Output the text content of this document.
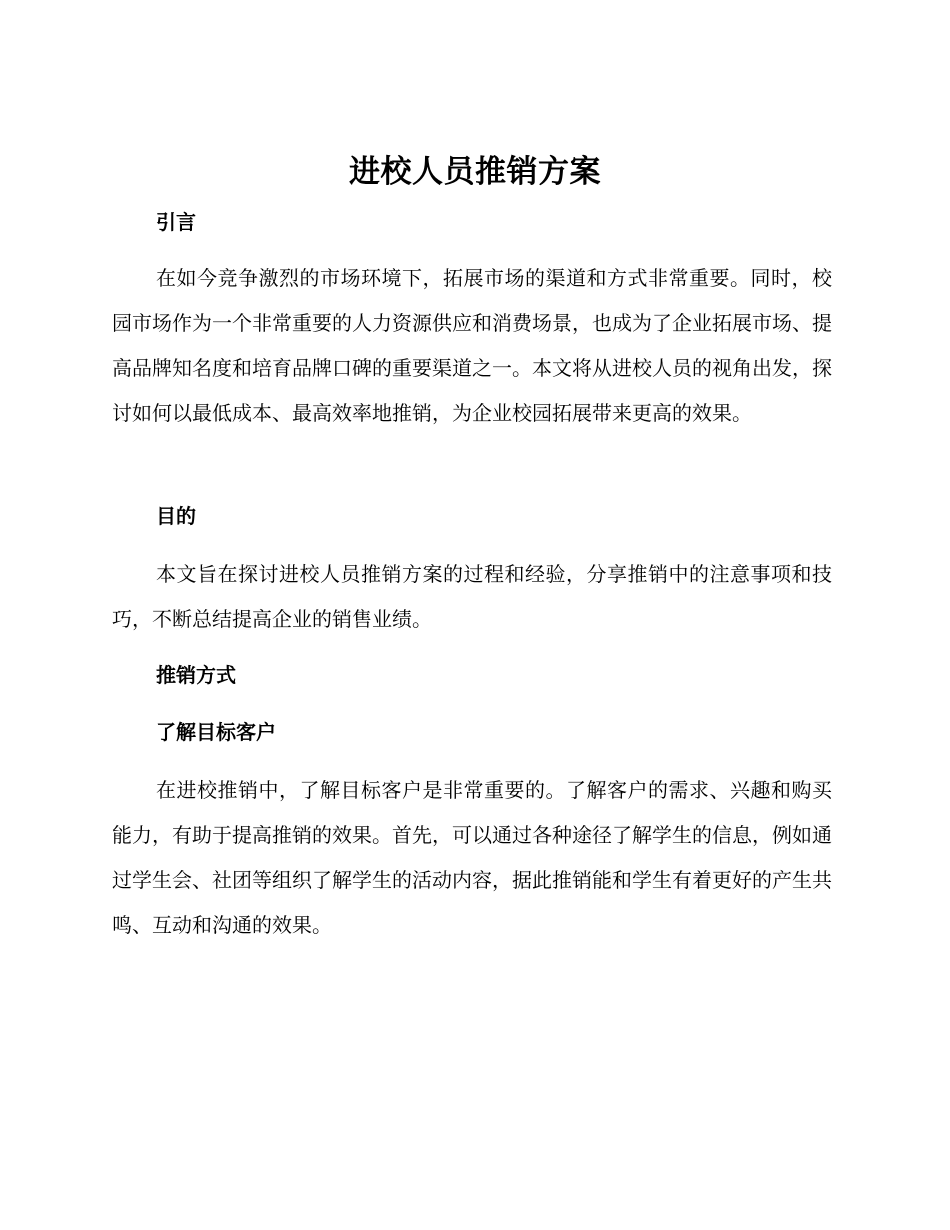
进校人员推销方案
引言
在如今竞争激烈的市场环境下，拓展市场的渠道和方式非常重要。同时，校园市场作为一个非常重要的人力资源供应和消费场景，也成为了企业拓展市场、提高品牌知名度和培育品牌口碑的重要渠道之一。本文将从进校人员的视角出发，探讨如何以最低成本、最高效率地推销，为企业校园拓展带来更高的效果。
目的
本文旨在探讨进校人员推销方案的过程和经验，分享推销中的注意事项和技巧，不断总结提高企业的销售业绩。
推销方式
了解目标客户
在进校推销中，了解目标客户是非常重要的。了解客户的需求、兴趣和购买能力，有助于提高推销的效果。首先，可以通过各种途径了解学生的信息，例如通过学生会、社团等组织了解学生的活动内容，据此推销能和学生有着更好的产生共鸣、互动和沟通的效果。
